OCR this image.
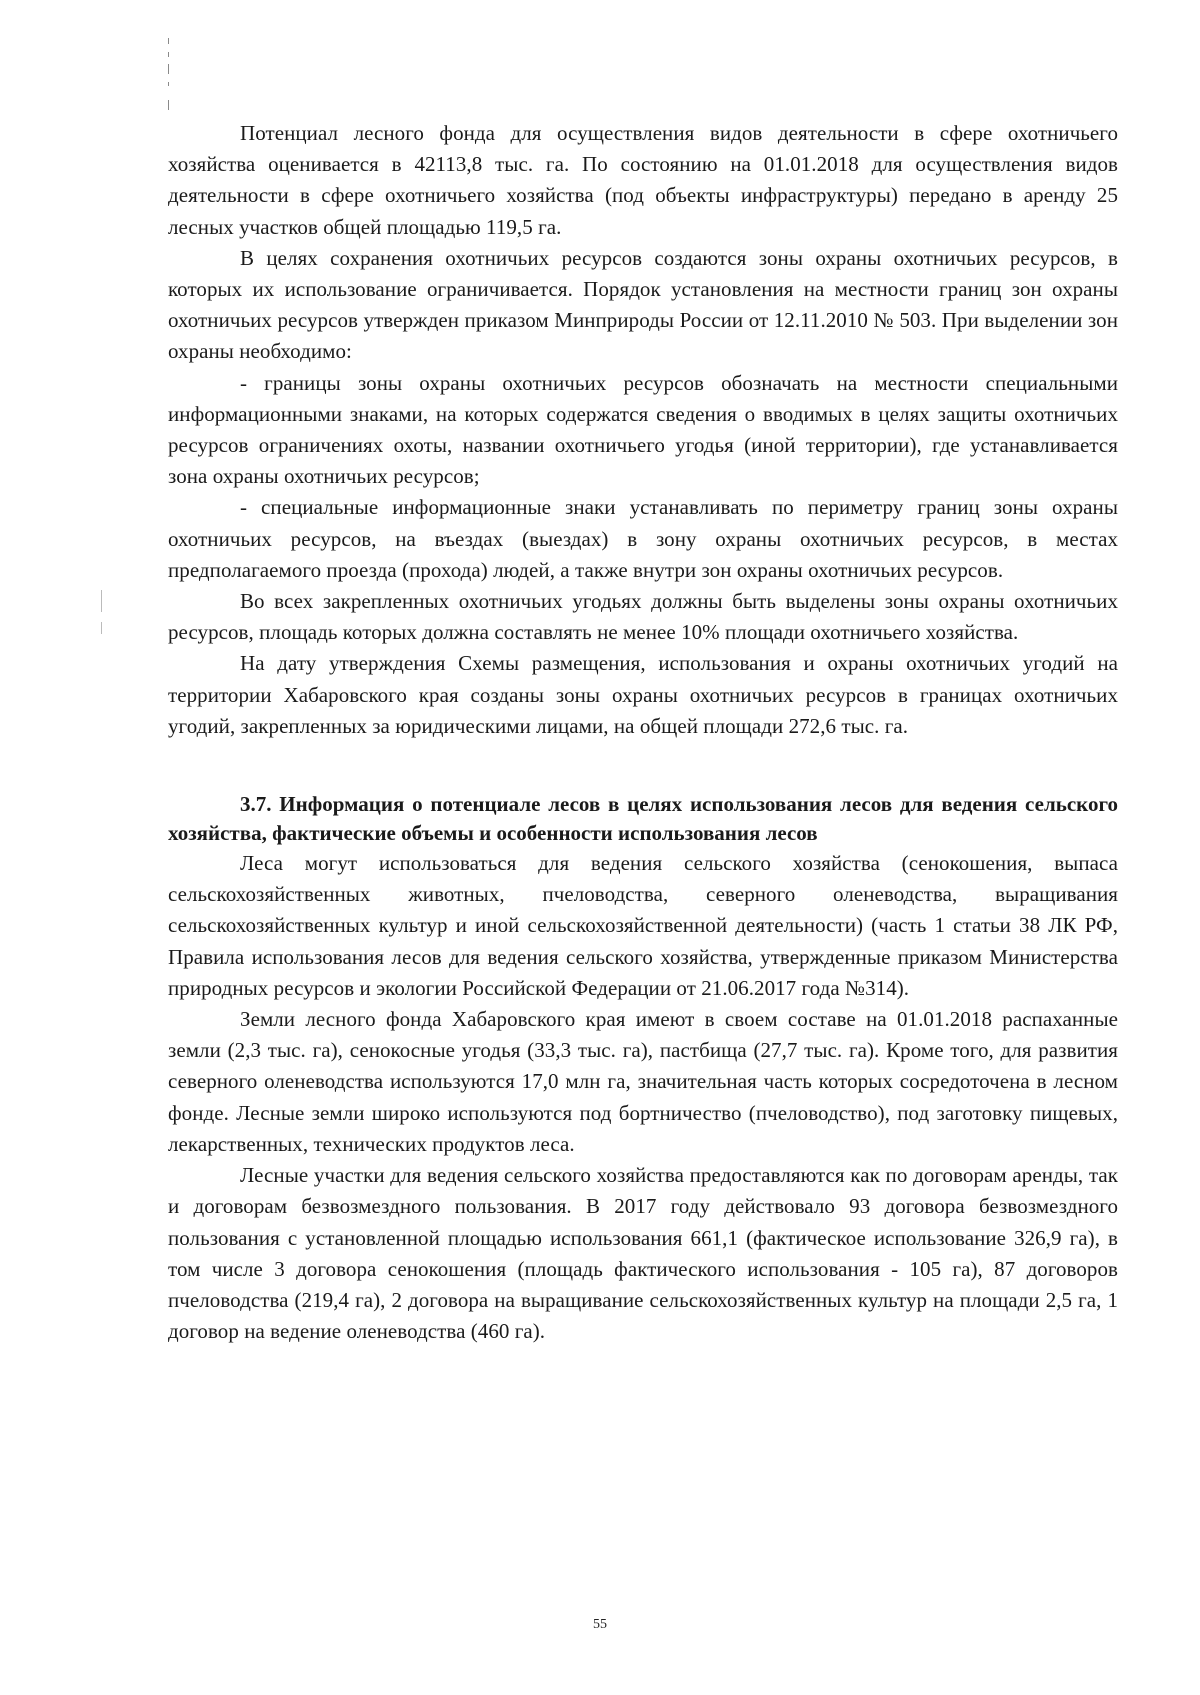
Потенциал лесного фонда для осуществления видов деятельности в сфере охотничьего хозяйства оценивается в 42113,8 тыс. га. По состоянию на 01.01.2018 для осуществления видов деятельности в сфере охотничьего хозяйства (под объекты инфраструктуры) передано в аренду 25 лесных участков общей площадью 119,5 га.

В целях сохранения охотничьих ресурсов создаются зоны охраны охотничьих ресурсов, в которых их использование ограничивается. Порядок установления на местности границ зон охраны охотничьих ресурсов утвержден приказом Минприроды России от 12.11.2010 № 503. При выделении зон охраны необходимо:

- границы зоны охраны охотничьих ресурсов обозначать на местности специальными информационными знаками, на которых содержатся сведения о вводимых в целях защиты охотничьих ресурсов ограничениях охоты, названии охотничьего угодья (иной территории), где устанавливается зона охраны охотничьих ресурсов;

- специальные информационные знаки устанавливать по периметру границ зоны охраны охотничьих ресурсов, на въездах (выездах) в зону охраны охотничьих ресурсов, в местах предполагаемого проезда (прохода) людей, а также внутри зон охраны охотничьих ресурсов.

Во всех закрепленных охотничьих угодьях должны быть выделены зоны охраны охотничьих ресурсов, площадь которых должна составлять не менее 10% площади охотничьего хозяйства.

На дату утверждения Схемы размещения, использования и охраны охотничьих угодий на территории Хабаровского края созданы зоны охраны охотничьих ресурсов в границах охотничьих угодий, закрепленных за юридическими лицами, на общей площади 272,6 тыс. га.

3.7. Информация о потенциале лесов в целях использования лесов для ведения сельского хозяйства, фактические объемы и особенности использования лесов

Леса могут использоваться для ведения сельского хозяйства (сенокошения, выпаса сельскохозяйственных животных, пчеловодства, северного оленеводства, выращивания сельскохозяйственных культур и иной сельскохозяйственной деятельности) (часть 1 статьи 38 ЛК РФ, Правила использования лесов для ведения сельского хозяйства, утвержденные приказом Министерства природных ресурсов и экологии Российской Федерации от 21.06.2017 года №314).

Земли лесного фонда Хабаровского края имеют в своем составе на 01.01.2018 распаханные земли (2,3 тыс. га), сенокосные угодья (33,3 тыс. га), пастбища (27,7 тыс. га). Кроме того, для развития северного оленеводства используются 17,0 млн га, значительная часть которых сосредоточена в лесном фонде. Лесные земли широко используются под бортничество (пчеловодство), под заготовку пищевых, лекарственных, технических продуктов леса.

Лесные участки для ведения сельского хозяйства предоставляются как по договорам аренды, так и договорам безвозмездного пользования. В 2017 году действовало 93 договора безвозмездного пользования с установленной площадью использования 661,1 (фактическое использование 326,9 га), в том числе 3 договора сенокошения (площадь фактического использования - 105 га), 87 договоров пчеловодства (219,4 га), 2 договора на выращивание сельскохозяйственных культур на площади 2,5 га, 1 договор на ведение оленеводства (460 га).

55
